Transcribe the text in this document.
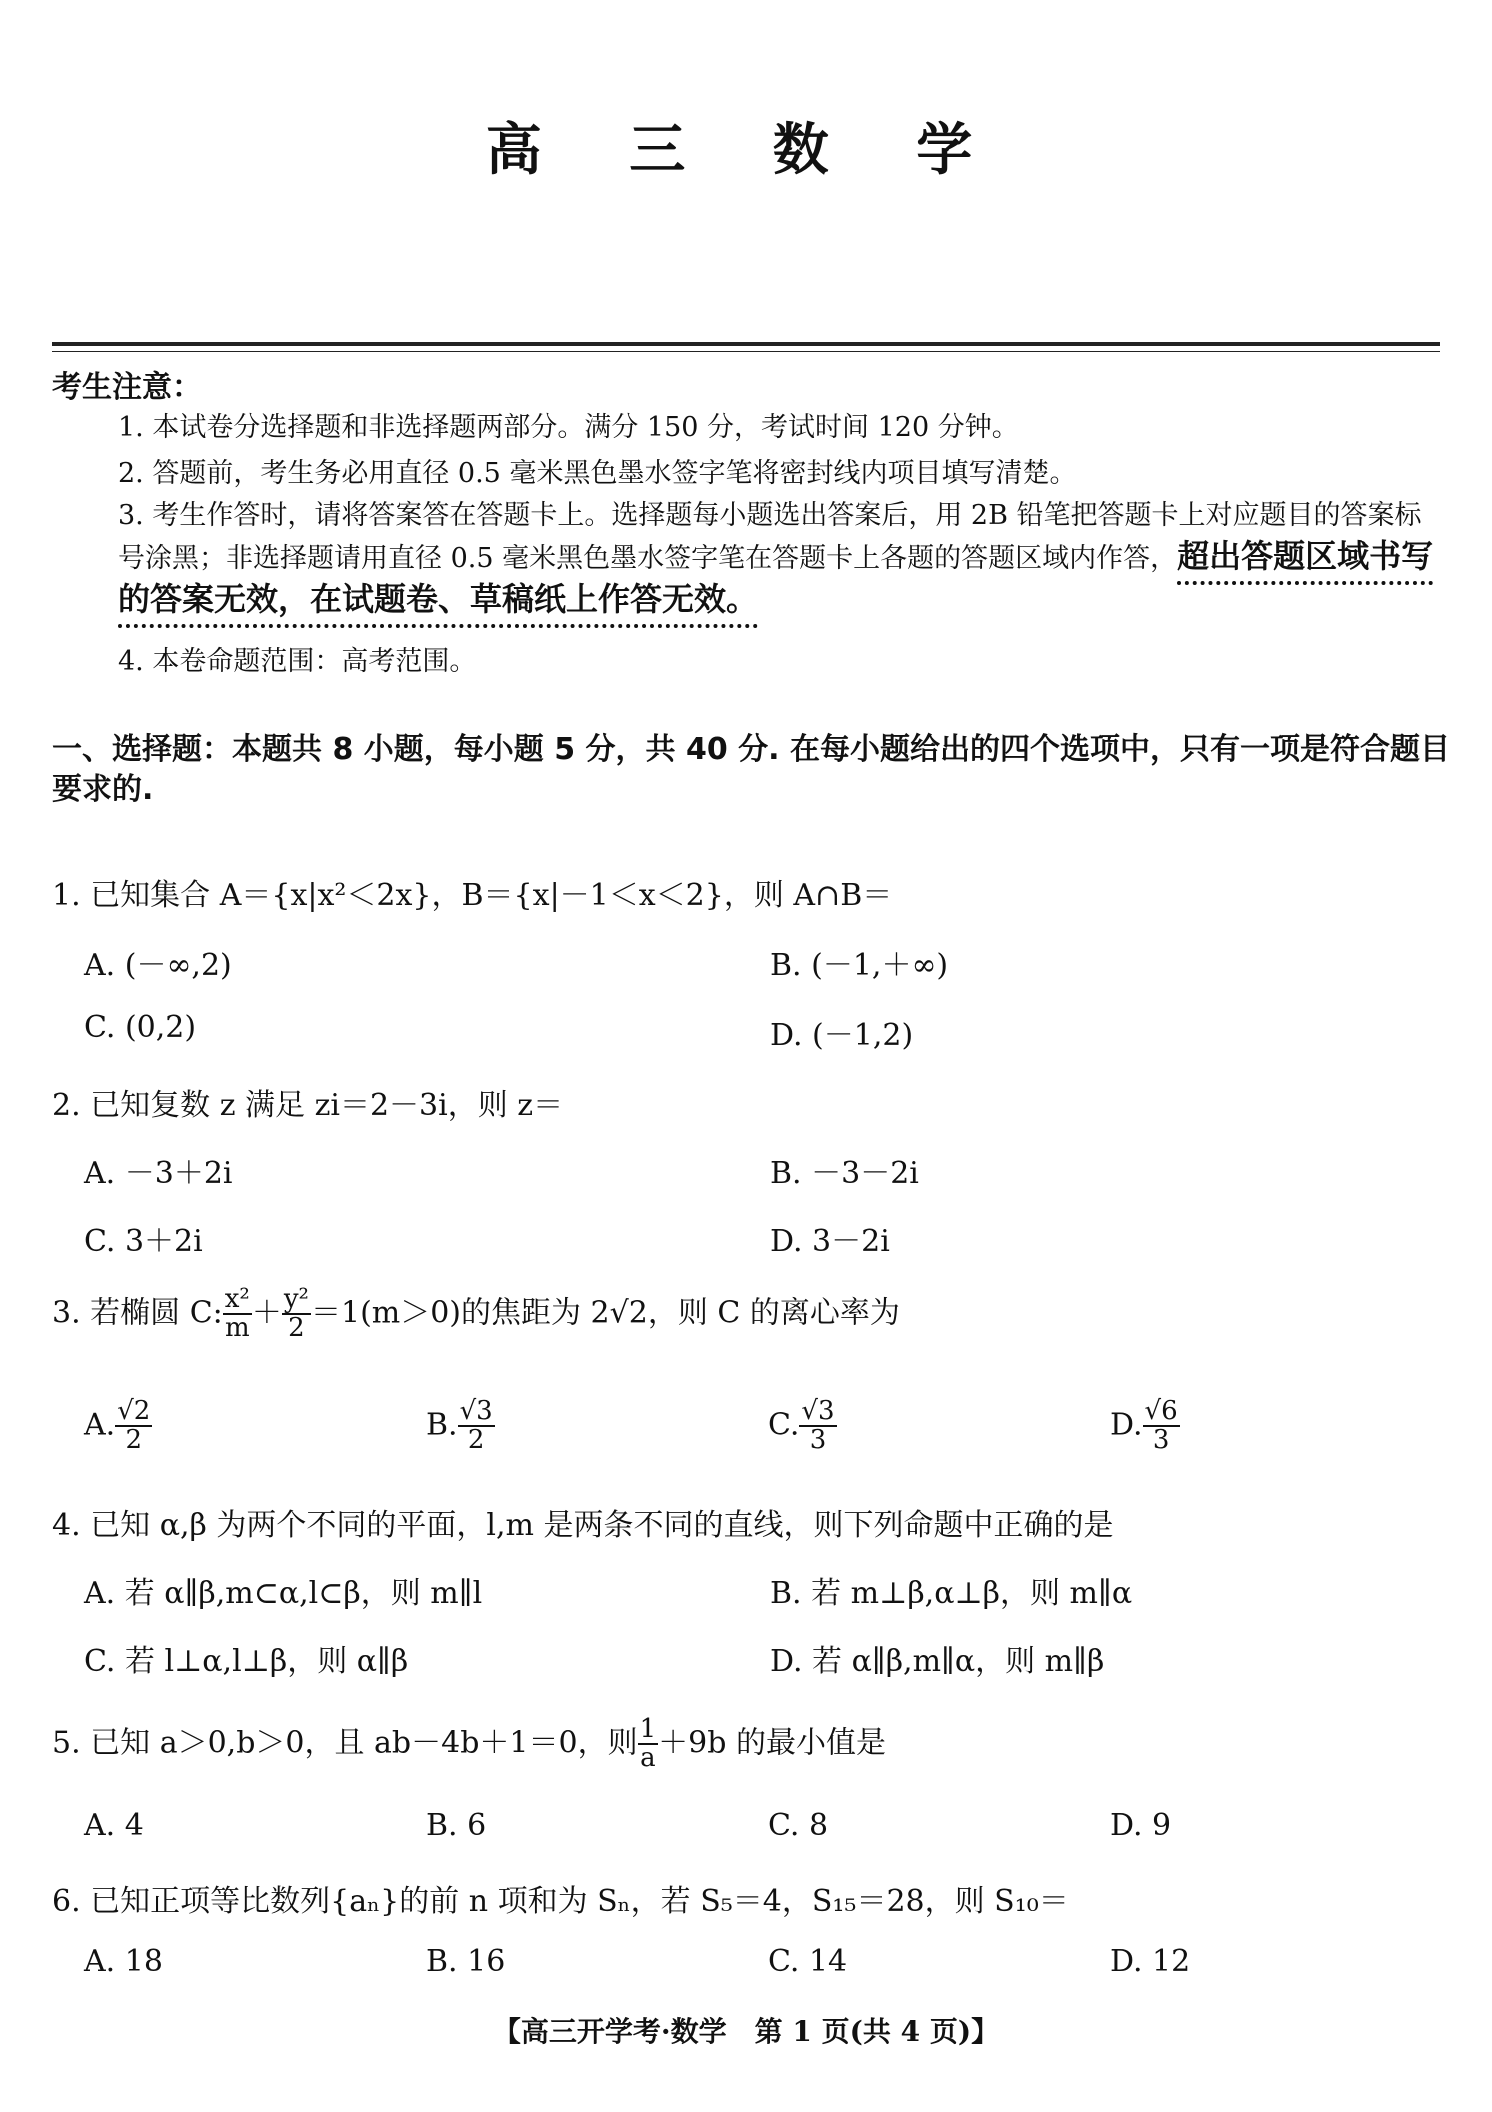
高 三 数 学
考生注意：
1. 本试卷分选择题和非选择题两部分。满分 150 分，考试时间 120 分钟。
2. 答题前，考生务必用直径 0.5 毫米黑色墨水签字笔将密封线内项目填写清楚。
3. 考生作答时，请将答案答在答题卡上。选择题每小题选出答案后，用 2B 铅笔把答题卡上对应题目的答案标号涂黑；非选择题请用直径 0.5 毫米黑色墨水签字笔在答题卡上各题的答题区域内作答，超出答题区域书写的答案无效，在试题卷、草稿纸上作答无效。
4. 本卷命题范围：高考范围。
一、选择题：本题共 8 小题，每小题 5 分，共 40 分. 在每小题给出的四个选项中，只有一项是符合题目要求的.
1. 已知集合 A＝{x|x²＜2x}，B＝{x|－1＜x＜2}，则 A∩B＝
A. (－∞,2)	B. (－1,＋∞)
C. (0,2)	D. (－1,2)
2. 已知复数 z 满足 zi＝2－3i，则 z＝
A. －3＋2i	B. －3－2i
C. 3＋2i	D. 3－2i
3. 若椭圆 C: $\frac{\text{x²}}{m} + \frac{\text{y²}}{2} =1(m>0)$的焦距为 2√2，则 C 的离心率为
A. $\frac{√2}{2}$	B. $\frac{√3}{2}$	C. $\frac{√3}{3}$	D. $\frac{√6}{3}$
4. 已知 α,β 为两个不同的平面，l,m 是两条不同的直线，则下列命题中正确的是
A. 若 α∥β,m⊂α,l⊂β，则 m∥l	B. 若 m⊥β,α⊥β，则 m∥α
C. 若 l⊥α,l⊥β，则 α∥β	D. 若 α∥β,m∥α，则 m∥β
5. 已知 a＞0,b＞0，且 ab－4b＋1＝0，则 $\frac{1}{a} +9b$ 的最小值是
A. 4	B. 6	C. 8	D. 9
6. 已知正项等比数列{aₙ}的前 n 项和为 Sₙ，若 S₅＝4，S₁₅＝28，则 S₁₀＝
A. 18	B. 16	C. 14	D. 12
【高三开学考·数学　第 1 页(共 4 页)】
